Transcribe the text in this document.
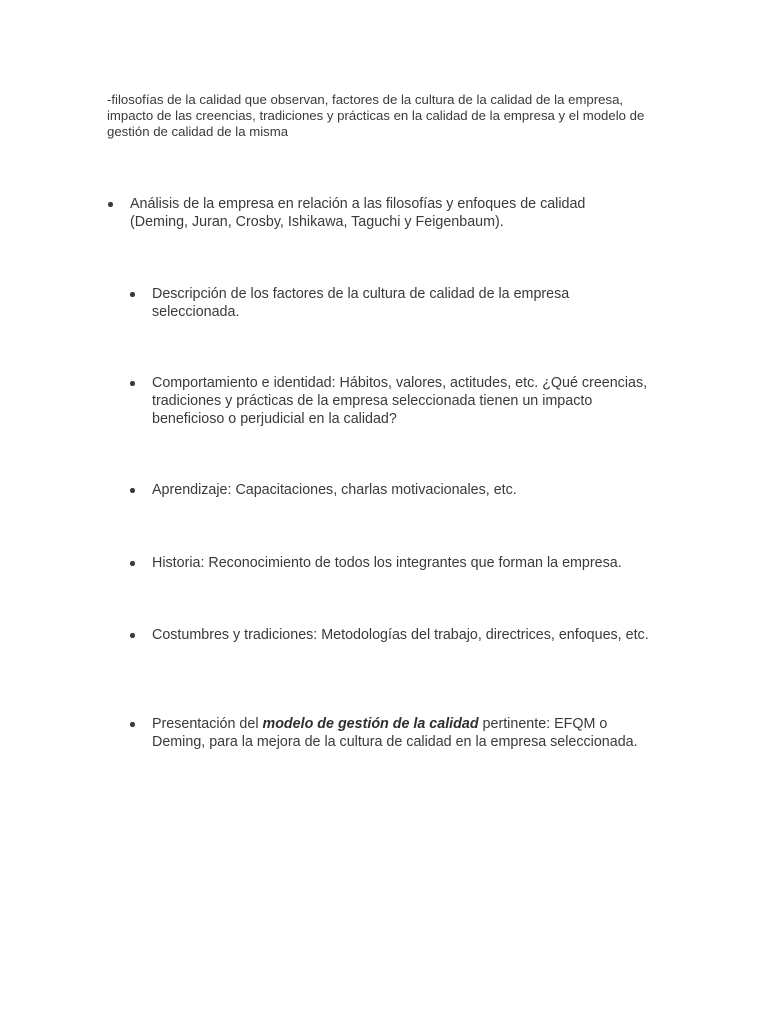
-filosofías de la calidad que observan, factores de la cultura de la calidad de la empresa, impacto de las creencias, tradiciones y prácticas en la calidad de la empresa y el modelo de gestión de calidad de la misma

Análisis de la empresa en relación a las filosofías y enfoques de calidad (Deming, Juran, Crosby, Ishikawa, Taguchi y Feigenbaum).
Descripción de los factores de la cultura de calidad de la empresa seleccionada.
Comportamiento e identidad: Hábitos, valores, actitudes, etc. ¿Qué creencias, tradiciones y prácticas de la empresa seleccionada tienen un impacto beneficioso o perjudicial en la calidad?
Aprendizaje: Capacitaciones, charlas motivacionales, etc.
Historia: Reconocimiento de todos los integrantes que forman la empresa.
Costumbres y tradiciones: Metodologías del trabajo, directrices, enfoques, etc.
Presentación del modelo de gestión de la calidad pertinente: EFQM o Deming, para la mejora de la cultura de calidad en la empresa seleccionada.
